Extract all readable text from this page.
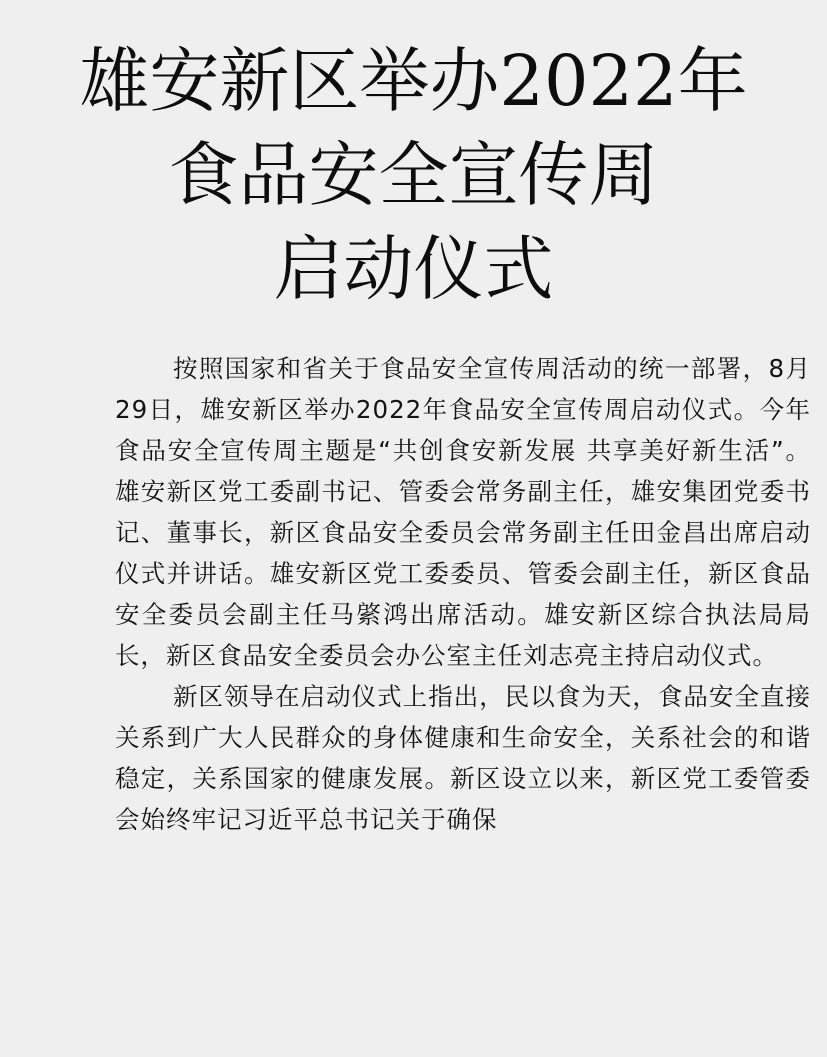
雄安新区举办2022年
食品安全宣传周
启动仪式

按照国家和省关于食品安全宣传周活动的统一部署，8月29日，雄安新区举办2022年食品安全宣传周启动仪式。今年食品安全宣传周主题是“共创食安新发展 共享美好新生活”。雄安新区党工委副书记、管委会常务副主任，雄安集团党委书记、董事长，新区食品安全委员会常务副主任田金昌出席启动仪式并讲话。雄安新区党工委委员、管委会副主任，新区食品安全委员会副主任马綮鸿出席活动。雄安新区综合执法局局长，新区食品安全委员会办公室主任刘志亮主持启动仪式。

新区领导在启动仪式上指出，民以食为天，食品安全直接关系到广大人民群众的身体健康和生命安全，关系社会的和谐稳定，关系国家的健康发展。新区设立以来，新区党工委管委会始终牢记习近平总书记关于确保
